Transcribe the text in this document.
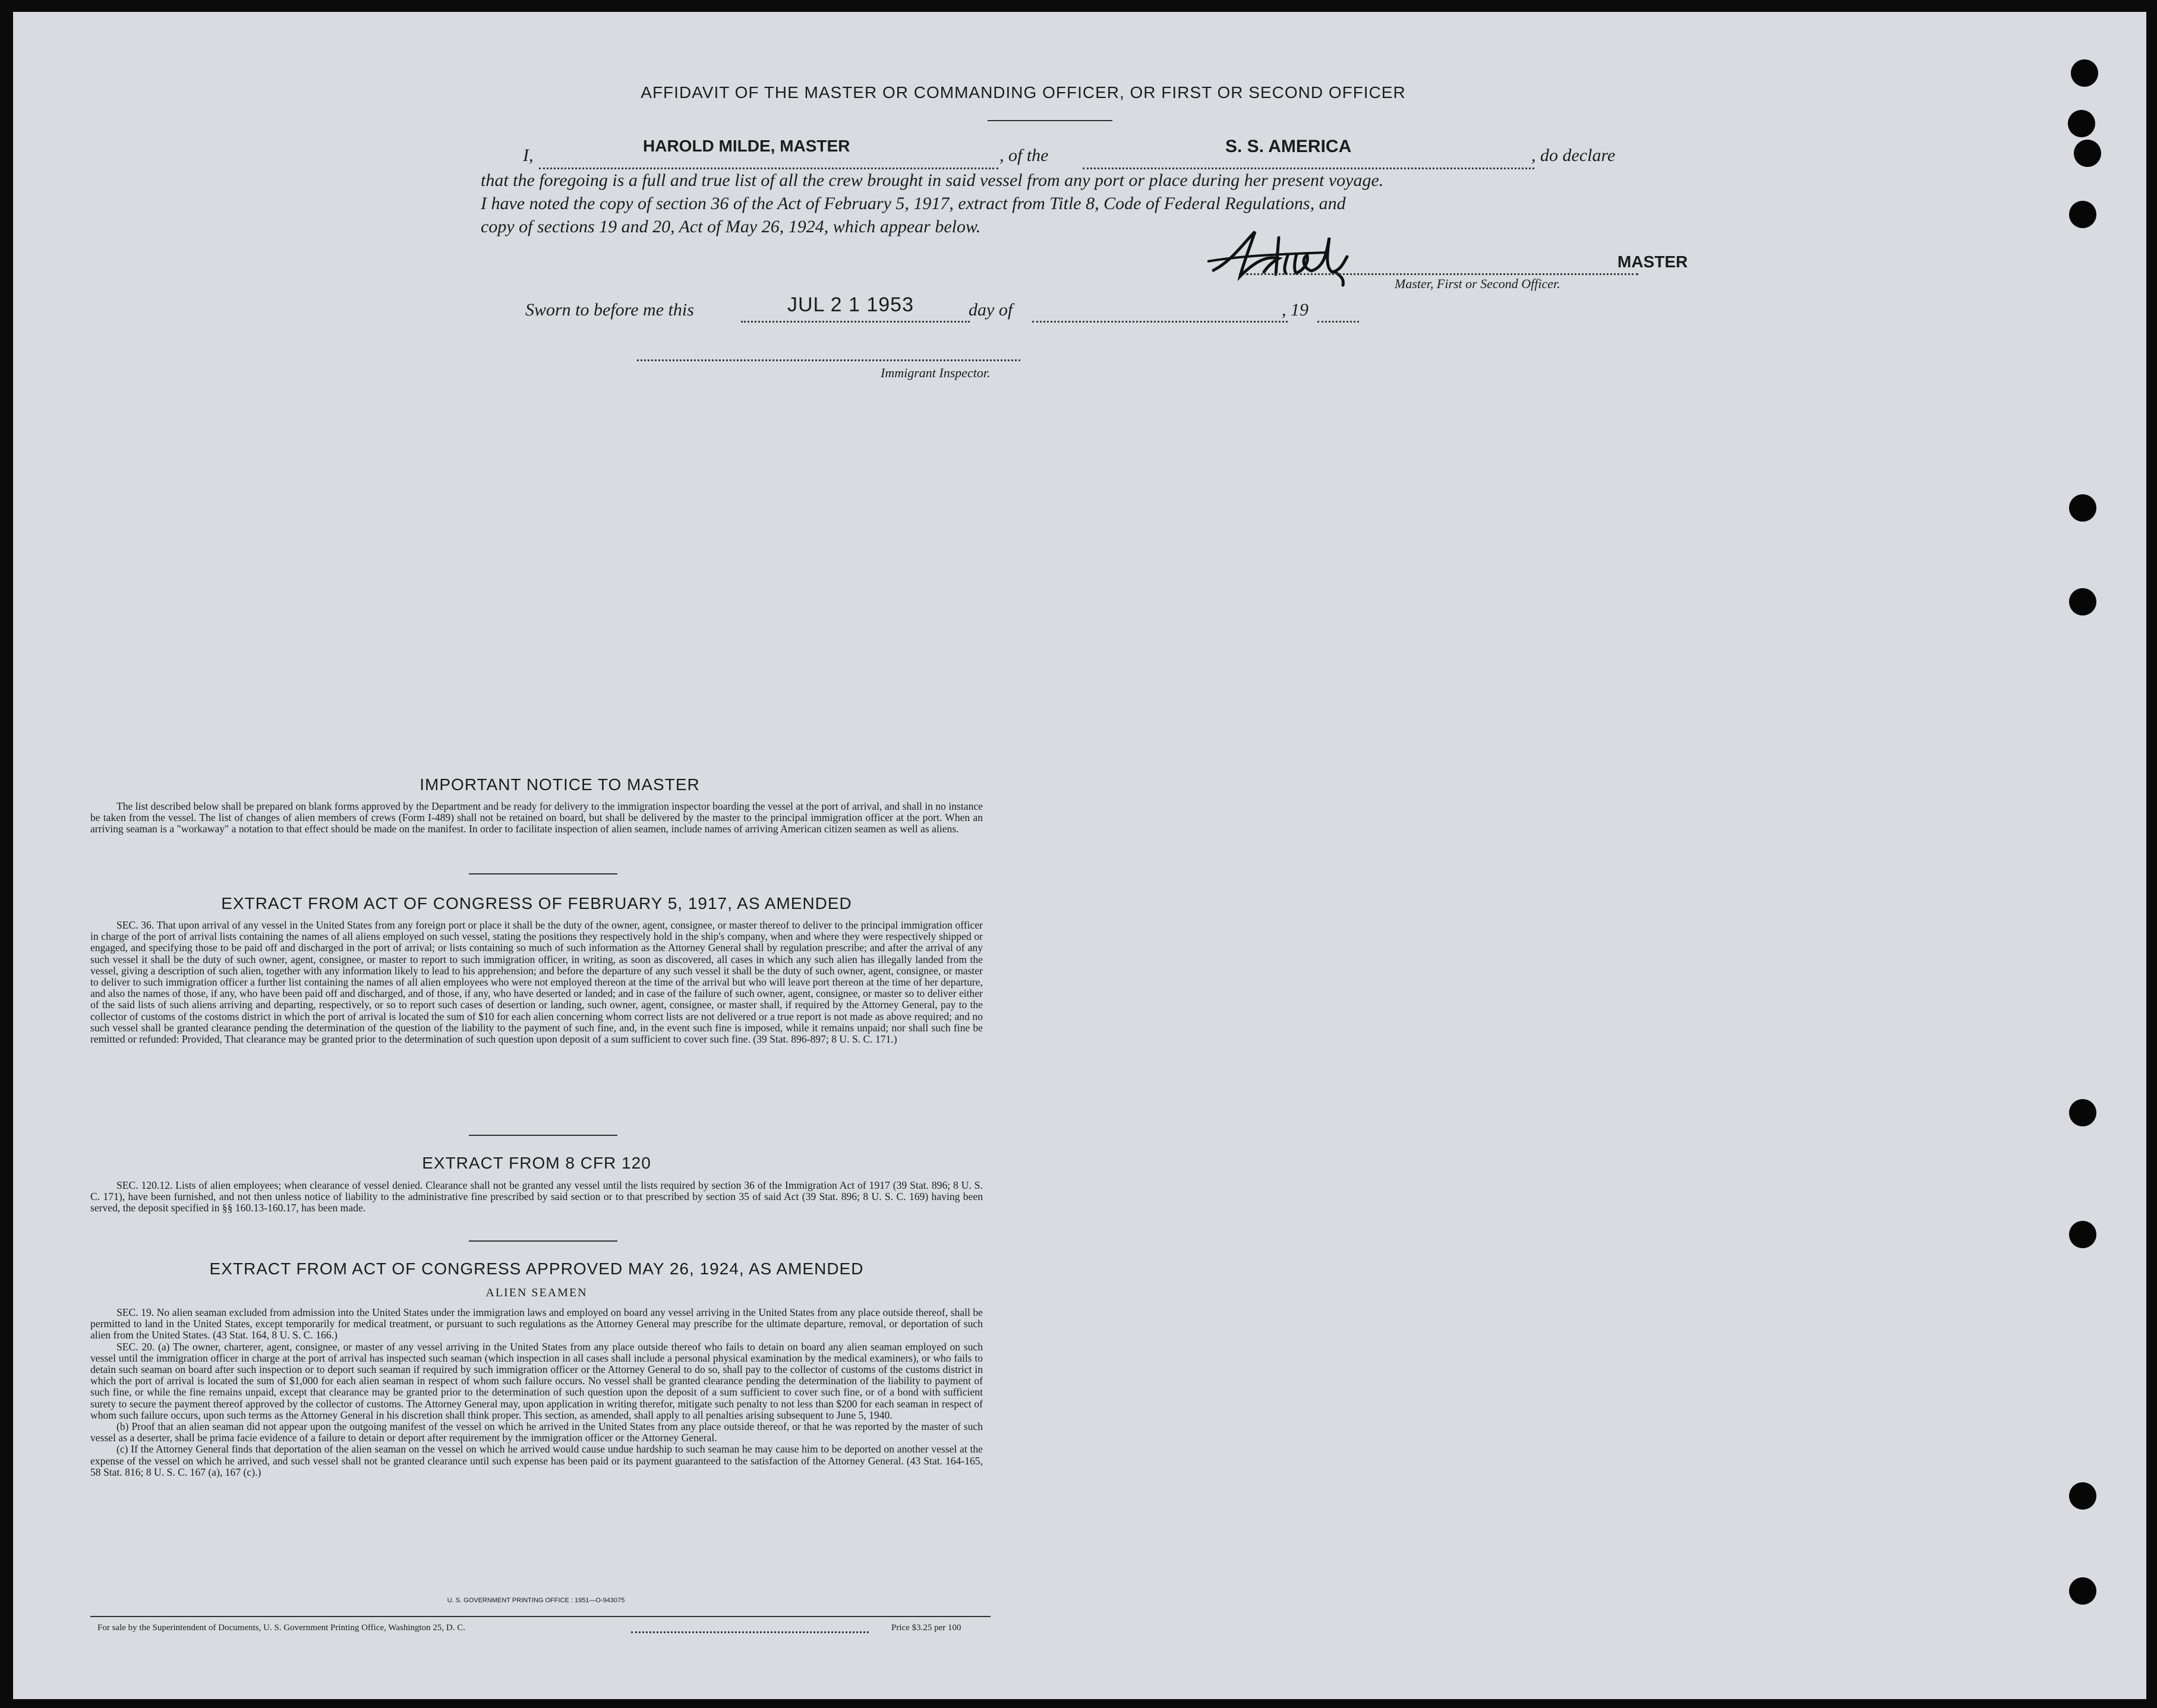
AFFIDAVIT OF THE MASTER OR COMMANDING OFFICER, OR FIRST OR SECOND OFFICER
I,	HAROLD MILDE, MASTER	, of the	S. S. AMERICA	, do declare
that the foregoing is a full and true list of all the crew brought in said vessel from any port or place during her present voyage.
I have noted the copy of section 36 of the Act of February 5, 1917, extract from Title 8, Code of Federal Regulations, and
copy of sections 19 and 20, Act of May 26, 1924, which appear below.
MASTER
Master, First or Second Officer.
Sworn to before me this	JUL 2 1 1953	day of	, 19
Immigrant Inspector.
IMPORTANT NOTICE TO MASTER

The list described below shall be prepared on blank forms approved by the Department and be ready for delivery to the immigration inspector boarding the vessel at the port of arrival, and shall in no instance be taken from the vessel. The list of changes of alien members of crews (Form I-489) shall not be retained on board, but shall be delivered by the master to the principal immigration officer at the port. When an arriving seaman is a "workaway" a notation to that effect should be made on the manifest. In order to facilitate inspection of alien seamen, include names of arriving American citizen seamen as well as aliens.

EXTRACT FROM ACT OF CONGRESS OF FEBRUARY 5, 1917, AS AMENDED

SEC. 36. That upon arrival of any vessel in the United States from any foreign port or place it shall be the duty of the owner, agent, consignee, or master thereof to deliver to the principal immigration officer in charge of the port of arrival lists containing the names of all aliens employed on such vessel, stating the positions they respectively hold in the ship's company, when and where they were respectively shipped or engaged, and specifying those to be paid off and discharged in the port of arrival; or lists containing so much of such information as the Attorney General shall by regulation prescribe; and after the arrival of any such vessel it shall be the duty of such owner, agent, consignee, or master to report to such immigration officer, in writing, as soon as discovered, all cases in which any such alien has illegally landed from the vessel, giving a description of such alien, together with any information likely to lead to his apprehension; and before the departure of any such vessel it shall be the duty of such owner, agent, consignee, or master to deliver to such immigration officer a further list containing the names of all alien employees who were not employed thereon at the time of the arrival but who will leave port thereon at the time of her departure, and also the names of those, if any, who have been paid off and discharged, and of those, if any, who have deserted or landed; and in case of the failure of such owner, agent, consignee, or master so to deliver either of the said lists of such aliens arriving and departing, respectively, or so to report such cases of desertion or landing, such owner, agent, consignee, or master shall, if required by the Attorney General, pay to the collector of customs of the costoms district in which the port of arrival is located the sum of $10 for each alien concerning whom correct lists are not delivered or a true report is not made as above required; and no such vessel shall be granted clearance pending the determination of the question of the liability to the payment of such fine, and, in the event such fine is imposed, while it remains unpaid; nor shall such fine be remitted or refunded: Provided, That clearance may be granted prior to the determination of such question upon deposit of a sum sufficient to cover such fine. (39 Stat. 896-897; 8 U. S. C. 171.)

EXTRACT FROM 8 CFR 120

SEC. 120.12. Lists of alien employees; when clearance of vessel denied. Clearance shall not be granted any vessel until the lists required by section 36 of the Immigration Act of 1917 (39 Stat. 896; 8 U. S. C. 171), have been furnished, and not then unless notice of liability to the administrative fine prescribed by said section or to that prescribed by section 35 of said Act (39 Stat. 896; 8 U. S. C. 169) having been served, the deposit specified in §§ 160.13-160.17, has been made.

EXTRACT FROM ACT OF CONGRESS APPROVED MAY 26, 1924, AS AMENDED
ALIEN SEAMEN

SEC. 19. No alien seaman excluded from admission into the United States under the immigration laws and employed on board any vessel arriving in the United States from any place outside thereof, shall be permitted to land in the United States, except temporarily for medical treatment, or pursuant to such regulations as the Attorney General may prescribe for the ultimate departure, removal, or deportation of such alien from the United States. (43 Stat. 164, 8 U. S. C. 166.)

SEC. 20. (a) The owner, charterer, agent, consignee, or master of any vessel arriving in the United States from any place outside thereof who fails to detain on board any alien seaman employed on such vessel until the immigration officer in charge at the port of arrival has inspected such seaman (which inspection in all cases shall include a personal physical examination by the medical examiners), or who fails to detain such seaman on board after such inspection or to deport such seaman if required by such immigration officer or the Attorney General to do so, shall pay to the collector of customs of the customs district in which the port of arrival is located the sum of $1,000 for each alien seaman in respect of whom such failure occurs. No vessel shall be granted clearance pending the determination of the liability to payment of such fine, or while the fine remains unpaid, except that clearance may be granted prior to the determination of such question upon the deposit of a sum sufficient to cover such fine, or of a bond with sufficient surety to secure the payment thereof approved by the collector of customs. The Attorney General may, upon application in writing therefor, mitigate such penalty to not less than $200 for each seaman in respect of whom such failure occurs, upon such terms as the Attorney General in his discretion shall think proper. This section, as amended, shall apply to all penalties arising subsequent to June 5, 1940.

(b) Proof that an alien seaman did not appear upon the outgoing manifest of the vessel on which he arrived in the United States from any place outside thereof, or that he was reported by the master of such vessel as a deserter, shall be prima facie evidence of a failure to detain or deport after requirement by the immigration officer or the Attorney General.

(c) If the Attorney General finds that deportation of the alien seaman on the vessel on which he arrived would cause undue hardship to such seaman he may cause him to be deported on another vessel at the expense of the vessel on which he arrived, and such vessel shall not be granted clearance until such expense has been paid or its payment guaranteed to the satisfaction of the Attorney General. (43 Stat. 164-165, 58 Stat. 816; 8 U. S. C. 167 (a), 167 (c).)

U. S. GOVERNMENT PRINTING OFFICE : 1951—O-943075
For sale by the Superintendent of Documents, U. S. Government Printing Office, Washington 25, D. C.	Price $3.25 per 100
